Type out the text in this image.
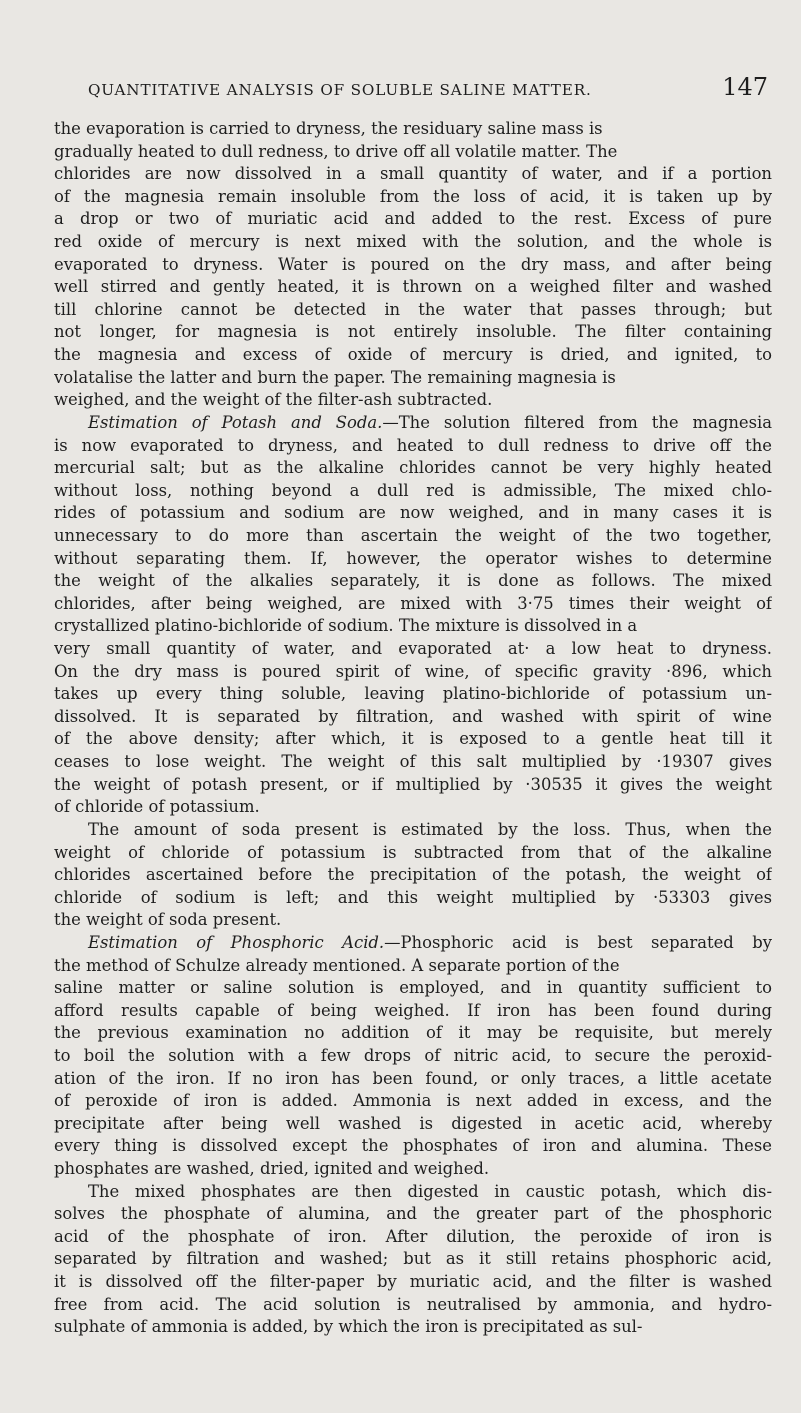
QUANTITATIVE ANALYSIS OF SOLUBLE SALINE MATTER.	147
the evaporation is carried to dryness, the residuary saline mass is
gradually heated to dull redness, to drive off all volatile matter. The
chlorides are now dissolved in a small quantity of water, and if a portion
of the magnesia remain insoluble from the loss of acid, it is taken up by
a drop or two of muriatic acid and added to the rest. Excess of pure
red oxide of mercury is next mixed with the solution, and the whole is
evaporated to dryness. Water is poured on the dry mass, and after being
well stirred and gently heated, it is thrown on a weighed filter and washed
till chlorine cannot be detected in the water that passes through; but
not longer, for magnesia is not entirely insoluble. The filter containing
the magnesia and excess of oxide of mercury is dried, and ignited, to
volatalise the latter and burn the paper. The remaining magnesia is
weighed, and the weight of the filter-ash subtracted.
Estimation of Potash and Soda.—The solution filtered from the magnesia
is now evaporated to dryness, and heated to dull redness to drive off the
mercurial salt; but as the alkaline chlorides cannot be very highly heated
without loss, nothing beyond a dull red is admissible, The mixed chlo-
rides of potassium and sodium are now weighed, and in many cases it is
unnecessary to do more than ascertain the weight of the two together,
without separating them. If, however, the operator wishes to determine
the weight of the alkalies separately, it is done as follows. The mixed
chlorides, after being weighed, are mixed with 3·75 times their weight of
crystallized platino-bichloride of sodium. The mixture is dissolved in a
very small quantity of water, and evaporated at· a low heat to dryness.
On the dry mass is poured spirit of wine, of specific gravity ·896, which
takes up every thing soluble, leaving platino-bichloride of potassium un-
dissolved. It is separated by filtration, and washed with spirit of wine
of the above density; after which, it is exposed to a gentle heat till it
ceases to lose weight. The weight of this salt multiplied by ·19307 gives
the weight of potash present, or if multiplied by ·30535 it gives the weight
of chloride of potassium.
The amount of soda present is estimated by the loss. Thus, when the
weight of chloride of potassium is subtracted from that of the alkaline
chlorides ascertained before the precipitation of the potash, the weight of
chloride of sodium is left; and this weight multiplied by ·53303 gives
the weight of soda present.
Estimation of Phosphoric Acid.—Phosphoric acid is best separated by
the method of Schulze already mentioned. A separate portion of the
saline matter or saline solution is employed, and in quantity sufficient to
afford results capable of being weighed. If iron has been found during
the previous examination no addition of it may be requisite, but merely
to boil the solution with a few drops of nitric acid, to secure the peroxid-
ation of the iron. If no iron has been found, or only traces, a little acetate
of peroxide of iron is added. Ammonia is next added in excess, and the
precipitate after being well washed is digested in acetic acid, whereby
every thing is dissolved except the phosphates of iron and alumina. These
phosphates are washed, dried, ignited and weighed.
The mixed phosphates are then digested in caustic potash, which dis-
solves the phosphate of alumina, and the greater part of the phosphoric
acid of the phosphate of iron. After dilution, the peroxide of iron is
separated by filtration and washed; but as it still retains phosphoric acid,
it is dissolved off the filter-paper by muriatic acid, and the filter is washed
free from acid. The acid solution is neutralised by ammonia, and hydro-
sulphate of ammonia is added, by which the iron is precipitated as sul-
